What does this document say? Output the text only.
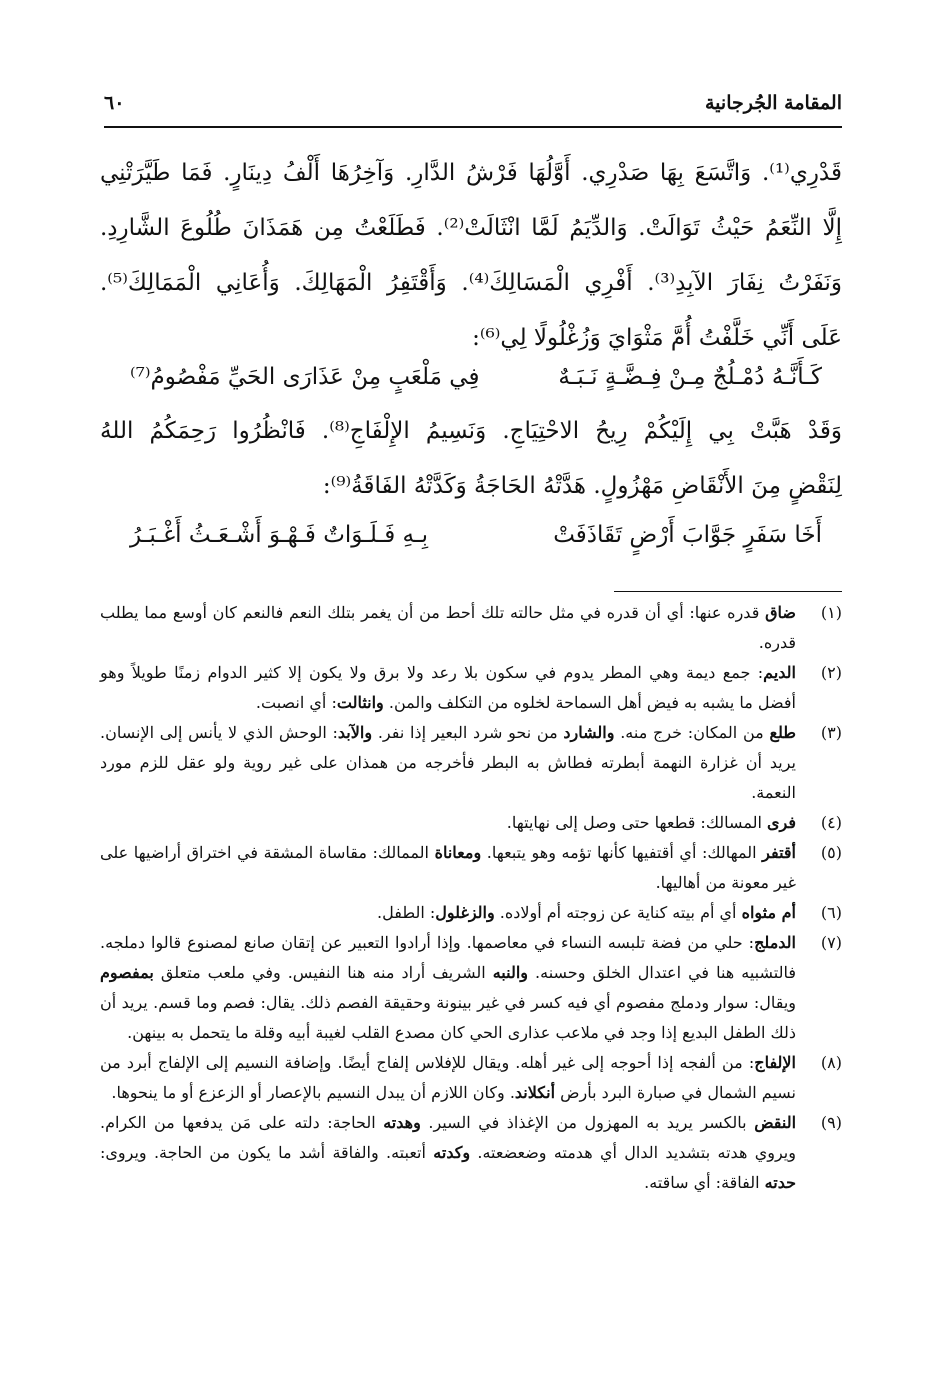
المقامة الجُرجانية
٦٠
قَدْرِي⁽¹⁾. وَاتَّسَعَ بِهَا صَدْرِي. أَوَّلُهَا فَرْشُ الدَّارِ. وَآخِرُهَا أَلْفُ دِينَارٍ. فَمَا طَيَّرَتْنِي
إِلَّا النِّعَمُ حَيْثُ تَوَالَتْ. وَالدِّيَمُ لَمَّا انْثَالَتْ⁽²⁾. فَطَلَعْتُ مِن هَمَذَانَ طُلُوعَ الشَّارِدِ.
وَنَفَرْتُ نِفَارَ الآبِدِ⁽³⁾. أَفْرِي الْمَسَالِكَ⁽⁴⁾. وَأَقْتَفِرُ الْمَهَالِكَ. وَأُعَانِي الْمَمَالِكَ⁽⁵⁾.
عَلَى أَنِّي خَلَّفْتُ أُمَّ مَثْوَايَ وَزُغْلُولًا لِي⁽⁶⁾:
كَـأَنَّـهُ دُمْـلُجٌ مِـنْ فِـضَّـةٍ نَـبَـهٌ
فِي مَلْعَبٍ مِنْ عَذَارَى الحَيِّ مَفْصُومُ⁽⁷⁾
وَقَدْ هَبَّتْ بِي إِلَيْكُمْ رِيحُ الاحْتِيَاجِ. وَنَسِيمُ الإِلْفَاجِ⁽⁸⁾. فَانْظُرُوا رَحِمَكُمُ اللهُ
لِنَقْضٍ مِنَ الأَنْقَاضِ مَهْزُولٍ. هَدَّتْهُ الحَاجَةُ وَكَدَّتْهُ الفَاقَةُ⁽⁹⁾:
أَخَا سَفَرٍ جَوَّابَ أَرْضٍ تَقَاذَفَتْ
بِـهِ فَـلَـوَاتٌ فَـهْـوَ أَشْـعَـثُ أَغْـبَـرُ
(١)
ضاق قدره عنها: أي أن قدره في مثل حالته تلك أحط من أن يغمر بتلك النعم فالنعم كان أوسع مما يطلب قدره.
(٢)
الديم: جمع ديمة وهي المطر يدوم في سكون بلا رعد ولا برق ولا يكون إلا كثير الدوام زمنًا طويلاً وهو أفضل ما يشبه به فيض أهل السماحة لخلوه من التكلف والمن. وانثالت: أي انصبت.
(٣)
طلع من المكان: خرج منه. والشارد من نحو شرد البعير إذا نفر. والآبد: الوحش الذي لا يأنس إلى الإنسان. يريد أن غزارة النهمة أبطرته فطاش به البطر فأخرجه من همذان على غير روية ولو عقل للزم مورد النعمة.
(٤)
فرى المسالك: قطعها حتى وصل إلى نهايتها.
(٥)
أقتفر المهالك: أي أقتفيها كأنها تؤمه وهو يتبعها. ومعاناة الممالك: مقاساة المشقة في اختراق أراضيها على غير معونة من أهاليها.
(٦)
أم مثواه أي أم بيته كناية عن زوجته أم أولاده. والزغلول: الطفل.
(٧)
الدملج: حلي من فضة تلبسه النساء في معاصمها. وإذا أرادوا التعبير عن إتقان صانع لمصنوع قالوا دملجه. فالتشبيه هنا في اعتدال الخلق وحسنه. والنبه الشريف أراد منه هنا النفيس. وفي ملعب متعلق بمفصوم ويقال: سوار ودملج مفصوم أي فيه كسر في غير بينونة وحقيقة الفصم ذلك. يقال: فصم وما قسم. يريد أن ذلك الطفل البديع إذا وجد في ملاعب عذارى الحي كان مصدع القلب لغيبة أبيه وقلة ما يتحمل به بينهن.
(٨)
الإلفاج: من ألفجه إذا أحوجه إلى غير أهله. ويقال للإفلاس إلفاج أيضًا. وإضافة النسيم إلى الإلفاج أبرد من نسيم الشمال في صبارة البرد بأرض أنكلاند. وكان اللازم أن يبدل النسيم بالإعصار أو الزعزع أو ما ينحوها.
(٩)
النقض بالكسر يريد به المهزول من الإغذاذ في السير. وهدته الحاجة: دلته على مَن يدفعها من الكرام. ويروي هدته بتشديد الدال أي هدمته وضعضعته. وكدته أتعبته. والفاقة أشد ما يكون من الحاجة. ويروى: حدته الفاقة: أي ساقته.
